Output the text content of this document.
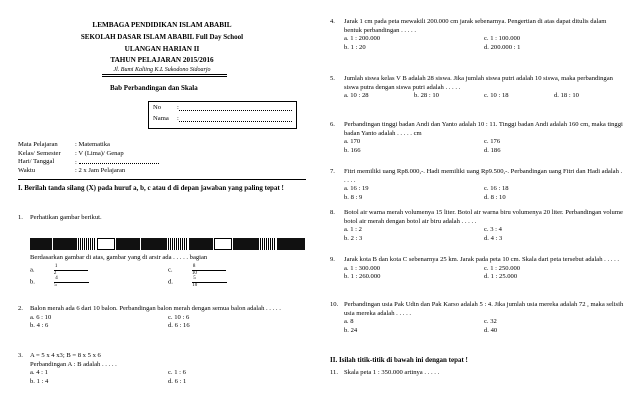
LEMBAGA PENDIDIKAN ISLAM ABABIL
SEKOLAH DASAR ISLAM ABABIL Full Day School
ULANGAN HARIAN II
TAHUN PELAJARAN 2015/2016
Jl. Bumi Kaliing K.L Sukodono Sidoarjo
Bab Perbandingan dan Skala
No	:
Nama	:
Mata Pelajaran	: Matematika
Kelas/ Semester	: V (Lima)/ Genap
Hari/ Tanggal	:
Waktu	: 2 x Jam Pelajaran
I. Berilah tanda silang (X) pada huruf a, b, c atau d di depan jawaban yang paling tepat !
1. Perhatikan gambar berikut.
Berdasarkan gambar di atas, gambar yang di arsir ada . . . . . bagian
a. $\frac{1}{2}$	c. $\frac{8}{10}$
b. $\frac{4}{5}$	d. $\frac{5}{10}$
2. Balon merah ada 6 dari 10 balon. Perbandingan balon merah dengan semua balon adalah . . . . .
a. 6 : 10	c. 10 : 6
b. 4 : 6	d. 6 : 16
3. A = 5 x 4 x3; B = 8 x 5 x 6
Perbandingan A : B adalah . . . . .
a. 4 : 1	c. 1 : 6
b. 1 : 4	d. 6 : 1
4. Jarak 1 cm pada peta mewakili 200.000 cm jarak sebenarnya. Pengertian di atas dapat ditulis dalam bentuk perbandingan . . . . .
a. 1 : 200.000	c. 1 : 100.000
b. 1 : 20	d. 200.000 : 1
5. Jumlah siswa kelas V B adalah 28 siswa. Jika jumlah siswa putri adalah 10 siswa, maka perbandingan siswa putra dengan siswa putri adalah . . . . .
a. 10 : 28	b. 28 : 10	c. 10 : 18	d. 18 : 10
6. Perbandingan tinggi badan Andi dan Yanto adalah 10 : 11. Tinggi badan Andi adalah 160 cm, maka tinggi badan Yanto adalah . . . . . cm
a. 170	c. 176
b. 166	d. 186
7. Fitri memiliki uang Rp8.000,-. Hadi memiliki uang Rp9.500,-. Perbandingan uang Fitri dan Hadi adalah . . . . .
a. 16 : 19	c. 16 : 18
b. 8 : 9	d. 8 : 10
8. Botol air warna merah volumenya 15 liter. Botol air warna biru volumenya 20 liter. Perbandingan volume botol air merah dengan botol air biru adalah . . . . .
a. 1 : 2	c. 3 : 4
b. 2 : 3	d. 4 : 3
9. Jarak kota B dan kota C sebenarnya 25 km. Jarak pada peta 10 cm. Skala dari peta tersebut adalah . . . . .
a. 1 : 300.000	c. 1 : 250.000
b. 1 : 260.000	d. 1 : 25.000
10. Perbandingan usia Pak Udin dan Pak Karso adalah 5 : 4. Jika jumlah usia mereka adalah 72 , maka selisih usia mereka adalah . . . . .
a. 8	c. 32
b. 24	d. 40
II. Isilah titik-titik di bawah ini dengan tepat !
11. Skala peta 1 : 350.000 artinya . . . . .
